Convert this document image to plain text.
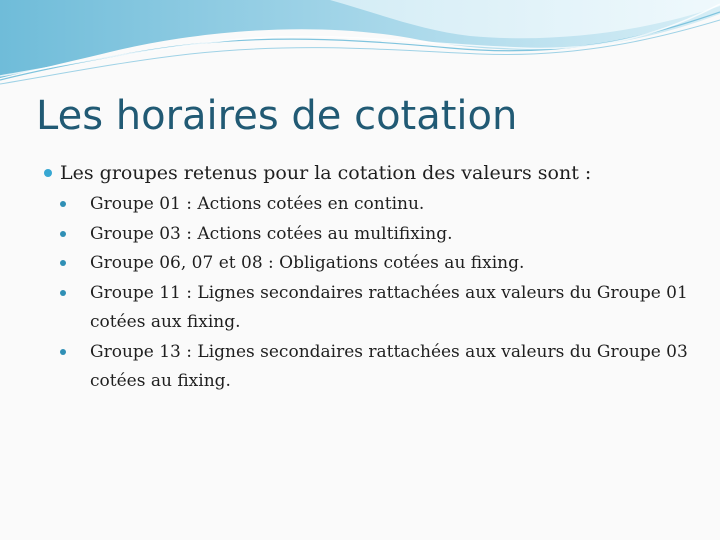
Les horaires de cotation
Les groupes retenus pour la cotation des valeurs sont :
Groupe 01 : Actions cotées en continu.
Groupe 03 : Actions cotées au multifixing.
Groupe 06, 07 et 08 : Obligations cotées au fixing.
Groupe 11 : Lignes secondaires rattachées aux valeurs du Groupe 01 cotées aux fixing.
Groupe 13 : Lignes secondaires rattachées aux valeurs du Groupe 03 cotées au fixing.
